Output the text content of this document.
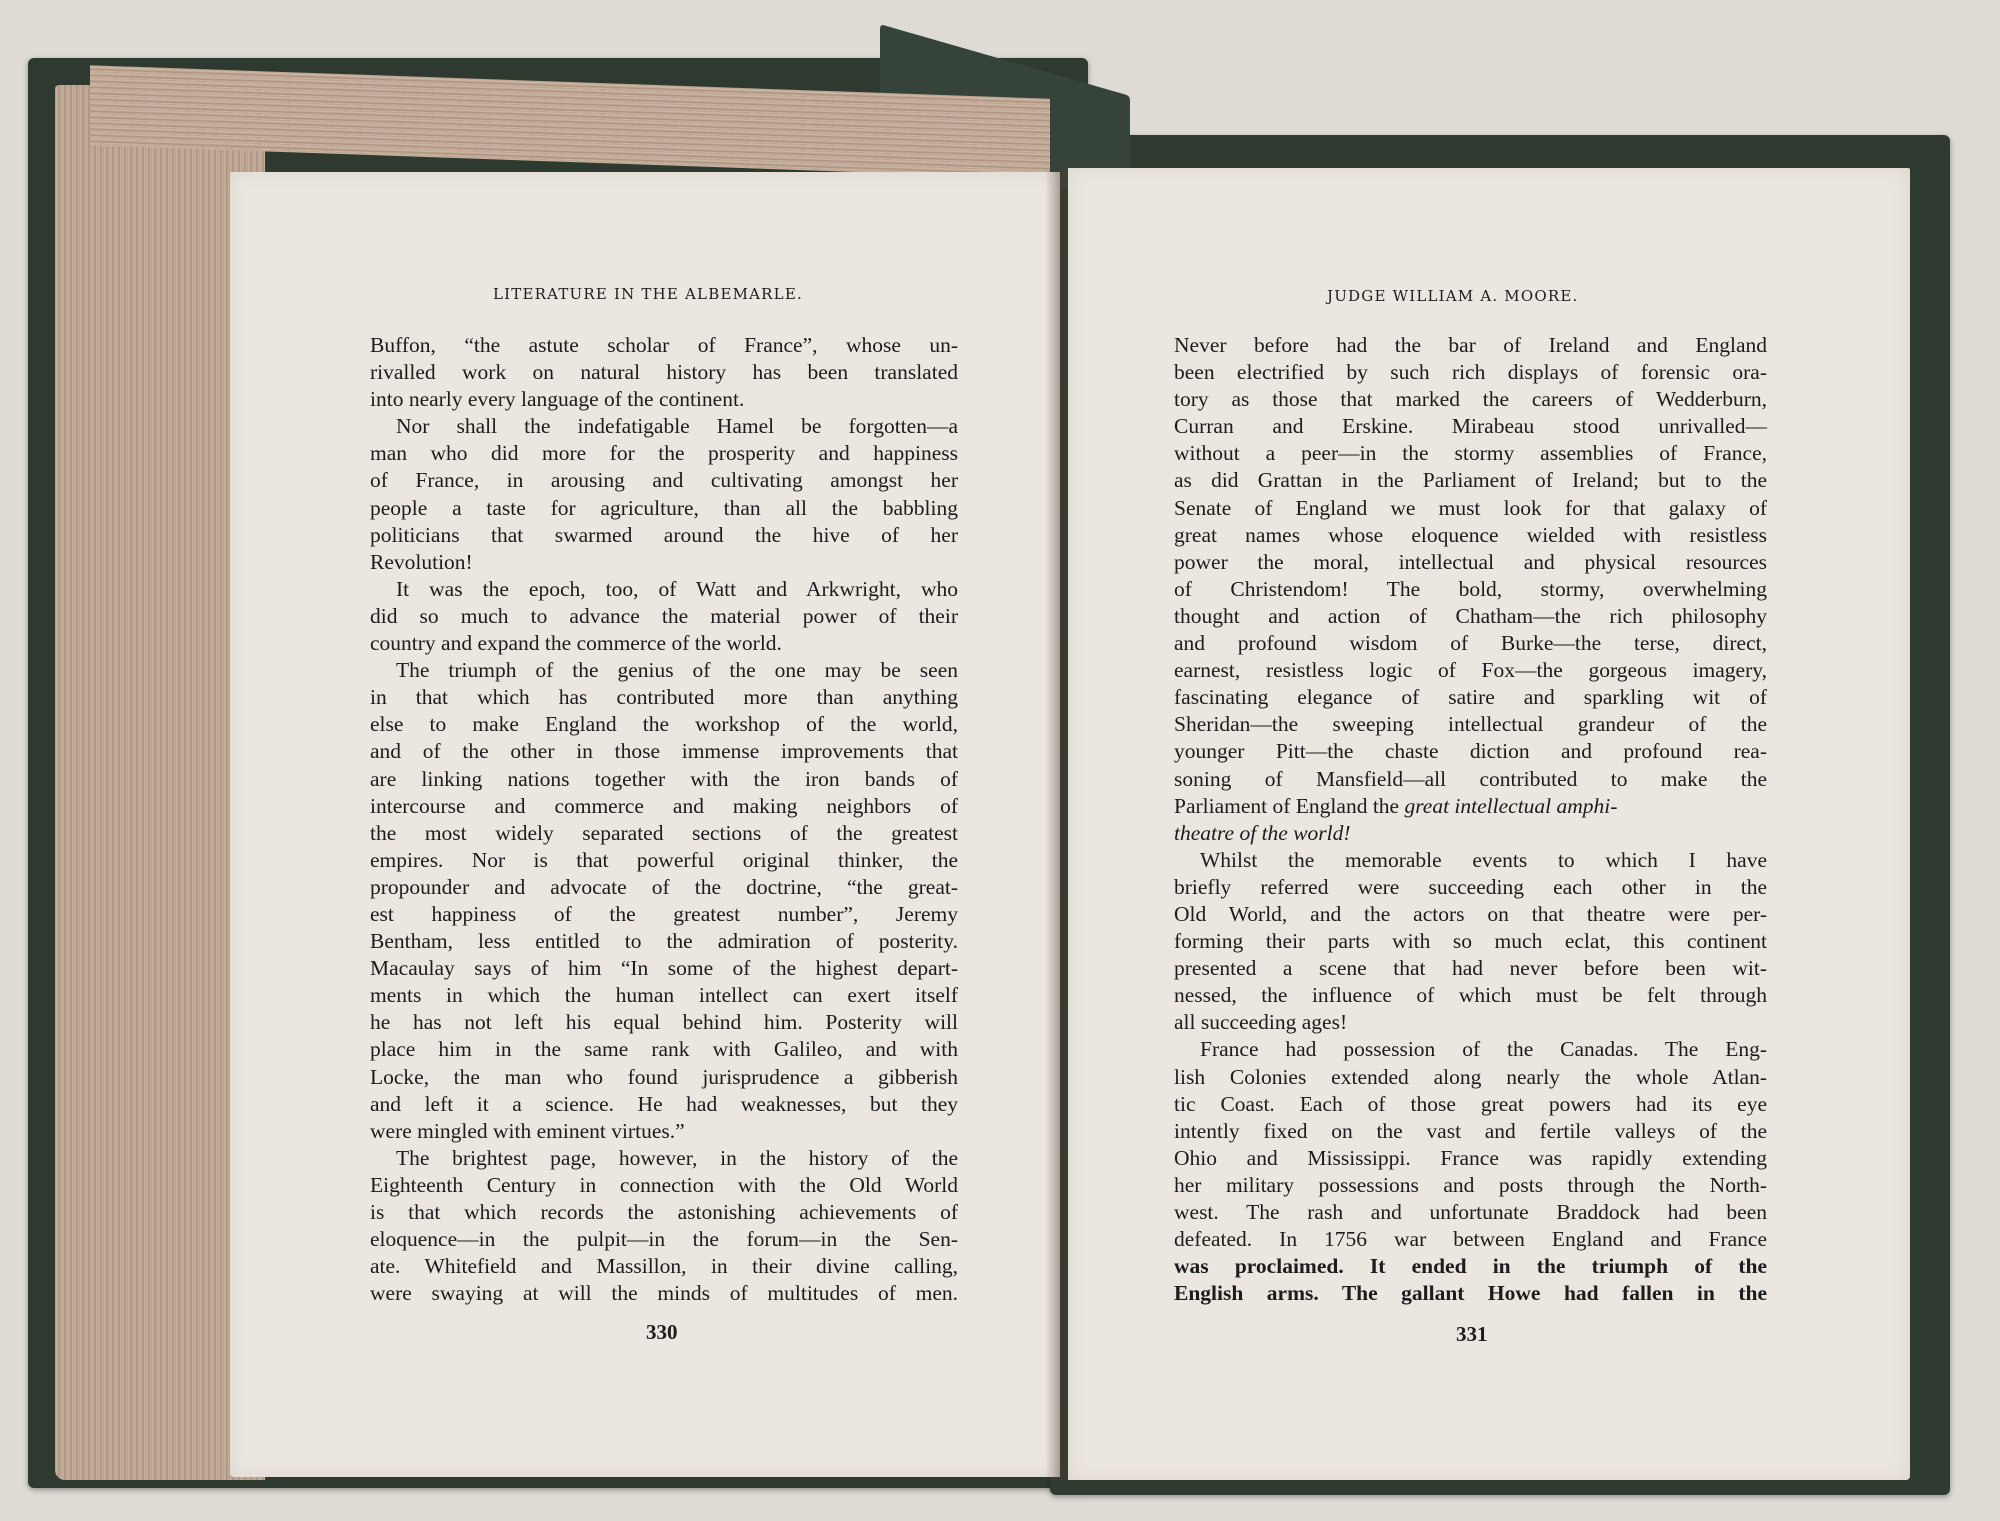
LITERATURE IN THE ALBEMARLE.
Buffon, “the astute scholar of France”, whose un-
rivalled work on natural history has been translated
into nearly every language of the continent.
Nor shall the indefatigable Hamel be forgotten—a
man who did more for the prosperity and happiness
of France, in arousing and cultivating amongst her
people a taste for agriculture, than all the babbling
politicians that swarmed around the hive of her
Revolution!
It was the epoch, too, of Watt and Arkwright, who
did so much to advance the material power of their
country and expand the commerce of the world.
The triumph of the genius of the one may be seen
in that which has contributed more than anything
else to make England the workshop of the world,
and of the other in those immense improvements that
are linking nations together with the iron bands of
intercourse and commerce and making neighbors of
the most widely separated sections of the greatest
empires. Nor is that powerful original thinker, the
propounder and advocate of the doctrine, “the great-
est happiness of the greatest number”, Jeremy
Bentham, less entitled to the admiration of posterity.
Macaulay says of him “In some of the highest depart-
ments in which the human intellect can exert itself
he has not left his equal behind him. Posterity will
place him in the same rank with Galileo, and with
Locke, the man who found jurisprudence a gibberish
and left it a science. He had weaknesses, but they
were mingled with eminent virtues.”
The brightest page, however, in the history of the
Eighteenth Century in connection with the Old World
is that which records the astonishing achievements of
eloquence—in the pulpit—in the forum—in the Sen-
ate. Whitefield and Massillon, in their divine calling,
were swaying at will the minds of multitudes of men.
330
JUDGE WILLIAM A. MOORE.
Never before had the bar of Ireland and England
been electrified by such rich displays of forensic ora-
tory as those that marked the careers of Wedderburn,
Curran and Erskine. Mirabeau stood unrivalled—
without a peer—in the stormy assemblies of France,
as did Grattan in the Parliament of Ireland; but to the
Senate of England we must look for that galaxy of
great names whose eloquence wielded with resistless
power the moral, intellectual and physical resources
of Christendom! The bold, stormy, overwhelming
thought and action of Chatham—the rich philosophy
and profound wisdom of Burke—the terse, direct,
earnest, resistless logic of Fox—the gorgeous imagery,
fascinating elegance of satire and sparkling wit of
Sheridan—the sweeping intellectual grandeur of the
younger Pitt—the chaste diction and profound rea-
soning of Mansfield—all contributed to make the
Parliament of England the great intellectual amphi-
theatre of the world!
Whilst the memorable events to which I have
briefly referred were succeeding each other in the
Old World, and the actors on that theatre were per-
forming their parts with so much eclat, this continent
presented a scene that had never before been wit-
nessed, the influence of which must be felt through
all succeeding ages!
France had possession of the Canadas. The Eng-
lish Colonies extended along nearly the whole Atlan-
tic Coast. Each of those great powers had its eye
intently fixed on the vast and fertile valleys of the
Ohio and Mississippi. France was rapidly extending
her military possessions and posts through the North-
west. The rash and unfortunate Braddock had been
defeated. In 1756 war between England and France
was proclaimed. It ended in the triumph of the
English arms. The gallant Howe had fallen in the
331
